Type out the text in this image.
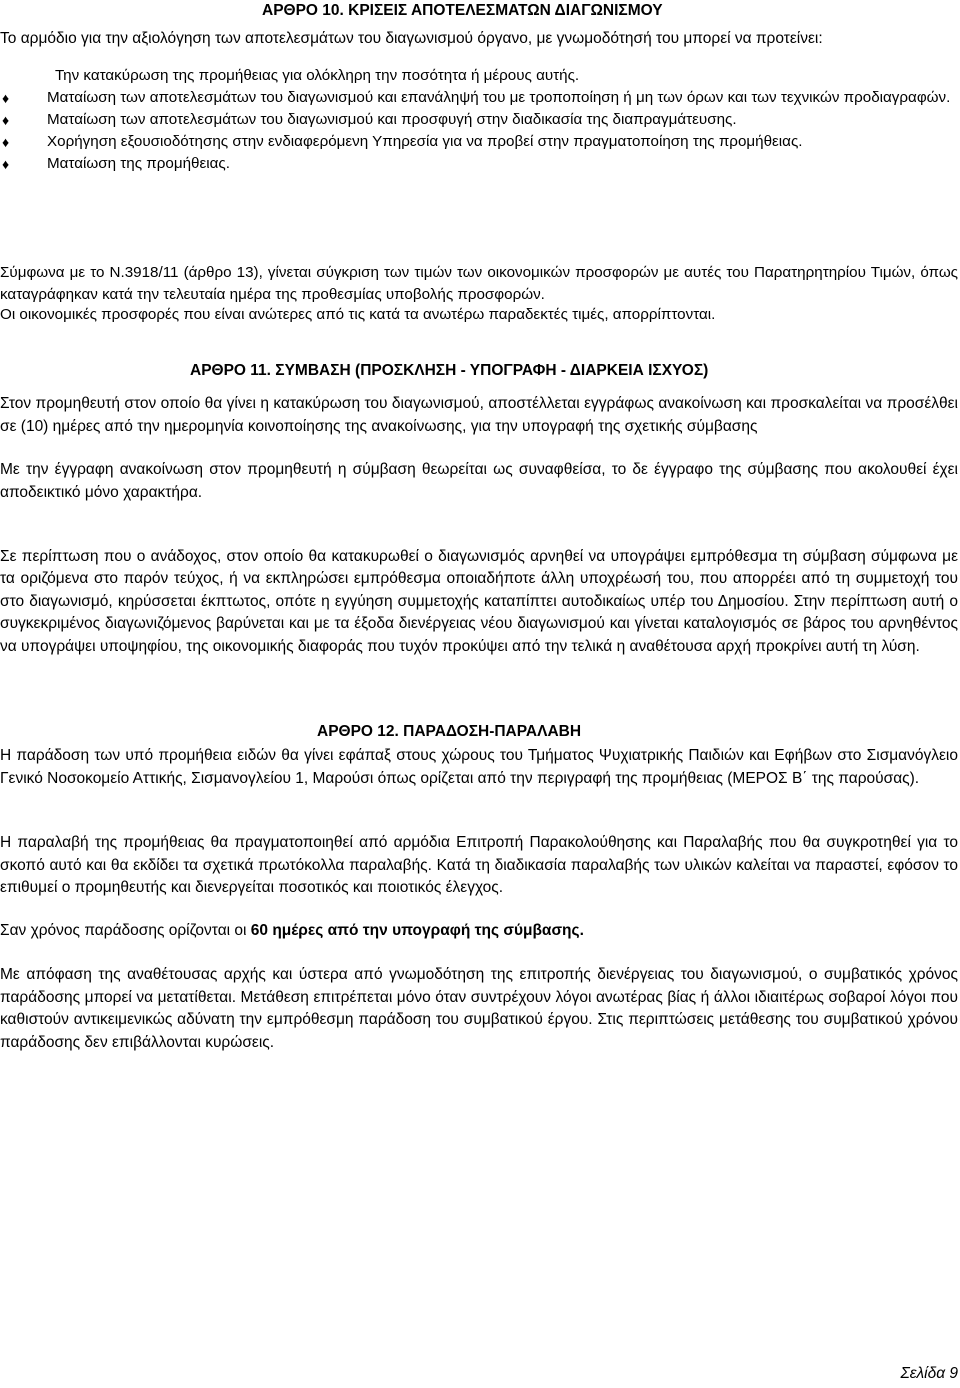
ΑΡΘΡΟ 10. ΚΡΙΣΕΙΣ ΑΠΟΤΕΛΕΣΜΑΤΩΝ ΔΙΑΓΩΝΙΣΜΟΥ
Το αρμόδιο για την αξιολόγηση των αποτελεσμάτων του διαγωνισμού όργανο, με γνωμοδότησή του μπορεί να προτείνει:
Την κατακύρωση της προμήθειας για ολόκληρη την ποσότητα ή μέρους αυτής.
♦ Ματαίωση των αποτελεσμάτων του διαγωνισμού και επανάληψή του με τροποποίηση ή μη των όρων και των τεχνικών προδιαγραφών.
♦ Ματαίωση των αποτελεσμάτων του διαγωνισμού και προσφυγή στην διαδικασία της διαπραγμάτευσης.
♦ Χορήγηση εξουσιοδότησης στην ενδιαφερόμενη Υπηρεσία για να προβεί στην πραγματοποίηση της προμήθειας.
♦ Ματαίωση της προμήθειας.
Σύμφωνα με το Ν.3918/11 (άρθρο 13), γίνεται σύγκριση των τιμών των οικονομικών προσφορών με αυτές του Παρατηρητηρίου Τιμών, όπως καταγράφηκαν κατά την τελευταία ημέρα της προθεσμίας υποβολής προσφορών.
Οι οικονομικές προσφορές που είναι ανώτερες από τις κατά τα ανωτέρω παραδεκτές τιμές, απορρίπτονται.
ΑΡΘΡΟ 11. ΣΥΜΒΑΣΗ (ΠΡΟΣΚΛΗΣΗ - ΥΠΟΓΡΑΦΗ - ΔΙΑΡΚΕΙΑ ΙΣΧΥΟΣ)
Στον προμηθευτή στον οποίο θα γίνει η κατακύρωση του διαγωνισμού, αποστέλλεται εγγράφως ανακοίνωση και προσκαλείται να προσέλθει σε (10) ημέρες από την ημερομηνία κοινοποίησης της ανακοίνωσης, για την υπογραφή της σχετικής σύμβασης
Με την έγγραφη ανακοίνωση στον προμηθευτή η σύμβαση θεωρείται ως συναφθείσα, το δε έγγραφο της σύμβασης που ακολουθεί έχει αποδεικτικό μόνο χαρακτήρα.
Σε περίπτωση που ο ανάδοχος, στον οποίο θα κατακυρωθεί ο διαγωνισμός αρνηθεί να υπογράψει εμπρόθεσμα τη σύμβαση σύμφωνα με τα οριζόμενα στο παρόν τεύχος, ή να εκπληρώσει εμπρόθεσμα οποιαδήποτε άλλη υποχρέωσή του, που απορρέει από τη συμμετοχή του στο διαγωνισμό, κηρύσσεται έκπτωτος, οπότε η εγγύηση συμμετοχής καταπίπτει αυτοδικαίως υπέρ του Δημοσίου. Στην περίπτωση αυτή ο συγκεκριμένος διαγωνιζόμενος βαρύνεται και με τα έξοδα διενέργειας νέου διαγωνισμού και γίνεται καταλογισμός σε βάρος του αρνηθέντος να υπογράψει υποψηφίου, της οικονομικής διαφοράς που τυχόν προκύψει από την τελικά η αναθέτουσα αρχή προκρίνει αυτή τη λύση.
ΑΡΘΡΟ 12. ΠΑΡΑΔΟΣΗ-ΠΑΡΑΛΑΒΗ
Η παράδοση των υπό προμήθεια ειδών θα γίνει εφάπαξ στους χώρους του Τμήματος Ψυχιατρικής Παιδιών και Εφήβων στο Σισμανόγλειο Γενικό Νοσοκομείο Αττικής, Σισμανογλείου 1, Μαρούσι όπως ορίζεται από την περιγραφή της προμήθειας (ΜΕΡΟΣ Β΄ της παρούσας).
Η παραλαβή της προμήθειας θα πραγματοποιηθεί από αρμόδια Επιτροπή Παρακολούθησης και Παραλαβής που θα συγκροτηθεί για το σκοπό αυτό και θα εκδίδει τα σχετικά πρωτόκολλα παραλαβής. Κατά τη διαδικασία παραλαβής των υλικών καλείται να παραστεί, εφόσον το επιθυμεί ο προμηθευτής και διενεργείται ποσοτικός και ποιοτικός έλεγχος.
Σαν χρόνος παράδοσης ορίζονται οι 60 ημέρες από την υπογραφή της σύμβασης.
Με απόφαση της αναθέτουσας αρχής και ύστερα από γνωμοδότηση της επιτροπής διενέργειας του διαγωνισμού, ο συμβατικός χρόνος παράδοσης μπορεί να μετατίθεται. Μετάθεση επιτρέπεται μόνο όταν συντρέχουν λόγοι ανωτέρας βίας ή άλλοι ιδιαιτέρως σοβαροί λόγοι που καθιστούν αντικειμενικώς αδύνατη την εμπρόθεσμη παράδοση του συμβατικού έργου. Στις περιπτώσεις μετάθεσης του συμβατικού χρόνου παράδοσης δεν επιβάλλονται κυρώσεις.
Σελίδα 9
